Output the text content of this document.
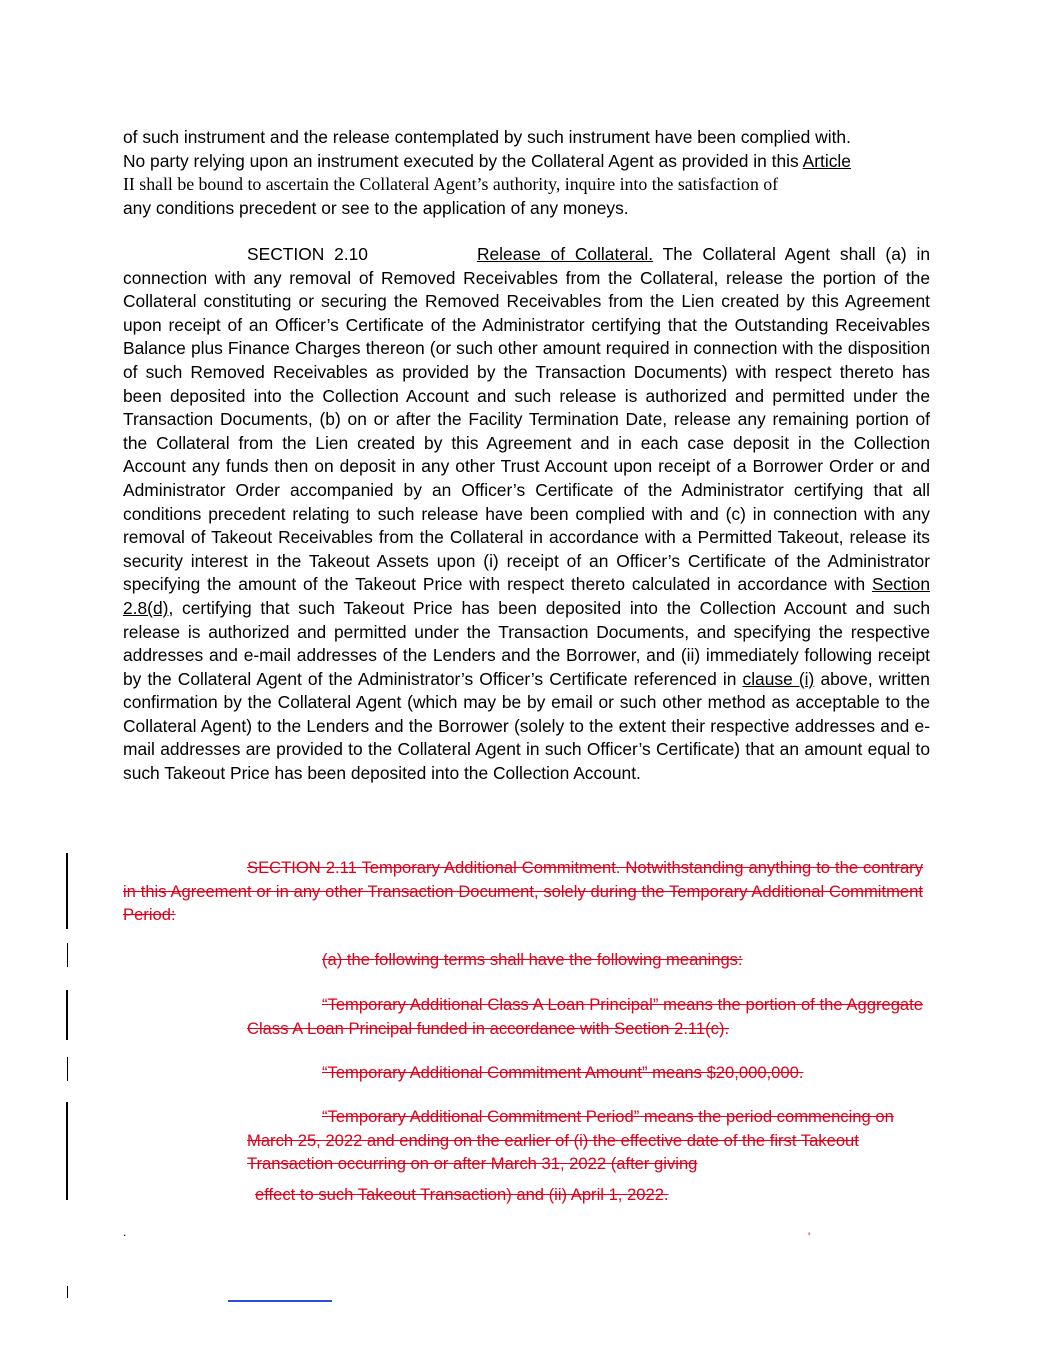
of such instrument and the release contemplated by such instrument have been complied with.
No party relying upon an instrument executed by the Collateral Agent as provided in this Article
II shall be bound to ascertain the Collateral Agent’s authority, inquire into the satisfaction of
any conditions precedent or see to the application of any moneys.
SECTION 2.10	Release of Collateral. The Collateral Agent shall (a) in connection with any removal of Removed Receivables from the Collateral, release the portion of the Collateral constituting or securing the Removed Receivables from the Lien created by this Agreement upon receipt of an Officer’s Certificate of the Administrator certifying that the Outstanding Receivables Balance plus Finance Charges thereon (or such other amount required in connection with the disposition of such Removed Receivables as provided by the Transaction Documents) with respect thereto has been deposited into the Collection Account and such release is authorized and permitted under the Transaction Documents, (b) on or after the Facility Termination Date, release any remaining portion of the Collateral from the Lien created by this Agreement and in each case deposit in the Collection Account any funds then on deposit in any other Trust Account upon receipt of a Borrower Order or and Administrator Order accompanied by an Officer’s Certificate of the Administrator certifying that all conditions precedent relating to such release have been complied with and (c) in connection with any removal of Takeout Receivables from the Collateral in accordance with a Permitted Takeout, release its security interest in the Takeout Assets upon (i) receipt of an Officer’s Certificate of the Administrator specifying the amount of the Takeout Price with respect thereto calculated in accordance with Section 2.8(d), certifying that such Takeout Price has been deposited into the Collection Account and such release is authorized and permitted under the Transaction Documents, and specifying the respective addresses and e-mail addresses of the Lenders and the Borrower, and (ii) immediately following receipt by the Collateral Agent of the Administrator’s Officer’s Certificate referenced in clause (i) above, written confirmation by the Collateral Agent (which may be by email or such other method as acceptable to the Collateral Agent) to the Lenders and the Borrower (solely to the extent their respective addresses and e-mail addresses are provided to the Collateral Agent in such Officer’s Certificate) that an amount equal to such Takeout Price has been deposited into the Collection Account.
SECTION 2.11 Temporary Additional Commitment. Notwithstanding anything to the contrary in this Agreement or in any other Transaction Document, solely during the Temporary Additional Commitment Period:
(a) the following terms shall have the following meanings:
“Temporary Additional Class A Loan Principal” means the portion of the Aggregate Class A Loan Principal funded in accordance with Section 2.11(c).
“Temporary Additional Commitment Amount” means $20,000,000.
“Temporary Additional Commitment Period” means the period commencing on March 25, 2022 and ending on the earlier of (i) the effective date of the first Takeout Transaction occurring on or after March 31, 2022 (after giving
effect to such Takeout Transaction) and (ii) April 1, 2022.
.	'
